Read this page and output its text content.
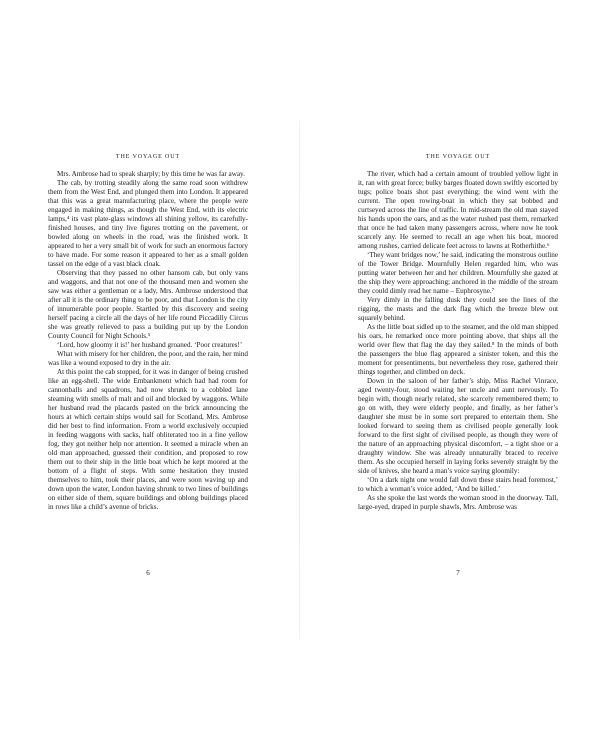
THE VOYAGE OUT

Mrs. Ambrose had to speak sharply; by this time he was far away.

The cab, by trotting steadily along the same road soon withdrew them from the West End, and plunged them into London. It appeared that this was a great manufacturing place, where the people were engaged in making things, as though the West End, with its electric lamps,⁴ its vast plate-glass windows all shining yellow, its carefully-finished houses, and tiny live figures trotting on the pavement, or bowled along on wheels in the road, was the finished work. It appeared to her a very small bit of work for such an enormous factory to have made. For some reason it appeared to her as a small golden tassel on the edge of a vast black cloak.

Observing that they passed no other hansom cab, but only vans and waggons, and that not one of the thousand men and women she saw was either a gentleman or a lady, Mrs. Ambrose understood that after all it is the ordinary thing to be poor, and that London is the city of innumerable poor people. Startled by this discovery and seeing herself pacing a circle all the days of her life round Piccadilly Circus she was greatly relieved to pass a building put up by the London County Council for Night Schools.⁵

‘Lord, how gloomy it is!’ her husband groaned. ‘Poor creatures!’

What with misery for her children, the poor, and the rain, her mind was like a wound exposed to dry in the air.

At this point the cab stopped, for it was in danger of being crushed like an egg-shell. The wide Embankment which had had room for cannonballs and squadrons, had now shrunk to a cobbled lane steaming with smells of malt and oil and blocked by waggons. While her husband read the placards pasted on the brick announcing the hours at which certain ships would sail for Scotland, Mrs. Ambrose did her best to find information. From a world exclusively occupied in feeding waggons with sacks, half obliterated too in a fine yellow fog, they got neither help nor attention. It seemed a miracle when an old man approached, guessed their condition, and proposed to row them out to their ship in the little boat which he kept moored at the bottom of a flight of steps. With some hesitation they trusted themselves to him, took their places, and were soon waving up and down upon the water, London having shrunk to two lines of buildings on either side of them, square buildings and oblong buildings placed in rows like a child’s avenue of bricks.

6
THE VOYAGE OUT

The river, which had a certain amount of troubled yellow light in it, ran with great force; bulky barges floated down swiftly escorted by tugs; police boats shot past everything; the wind went with the current. The open rowing-boat in which they sat bobbed and curtseyed across the line of traffic. In mid-stream the old man stayed his hands upon the oars, and as the water rushed past them, remarked that once he had taken many passengers across, where now he took scarcely any. He seemed to recall an age when his boat, moored among rushes, carried delicate feet across to lawns at Rotherhithe.⁶

‘They want bridges now,’ he said, indicating the monstrous outline of the Tower Bridge. Mournfully Helen regarded him, who was putting water between her and her children. Mournfully she gazed at the ship they were approaching; anchored in the middle of the stream they could dimly read her name – Euphrosyne.⁷

Very dimly in the falling dusk they could see the lines of the rigging, the masts and the dark flag which the breeze blew out squarely behind.

As the little boat sidled up to the steamer, and the old man shipped his oars, he remarked once more pointing above, that ships all the world over flew that flag the day they sailed.⁸ In the minds of both the passengers the blue flag appeared a sinister token, and this the moment for presentiments, but nevertheless they rose, gathered their things together, and climbed on deck.

Down in the saloon of her father’s ship, Miss Rachel Vinrace, aged twenty-four, stood waiting her uncle and aunt nervously. To begin with, though nearly related, she scarcely remembered them; to go on with, they were elderly people, and finally, as her father’s daughter she must be in some sort prepared to entertain them. She looked forward to seeing them as civilised people generally look forward to the first sight of civilised people, as though they were of the nature of an approaching physical discomfort, – a tight shoe or a draughty window. She was already unnaturally braced to receive them. As she occupied herself in laying forks severely straight by the side of knives, she heard a man’s voice saying gloomily:

‘On a dark night one would fall down these stairs head foremost,’ to which a woman’s voice added, ‘And be killed.’

As she spoke the last words the woman stood in the doorway. Tall, large-eyed, draped in purple shawls, Mrs. Ambrose was

7
